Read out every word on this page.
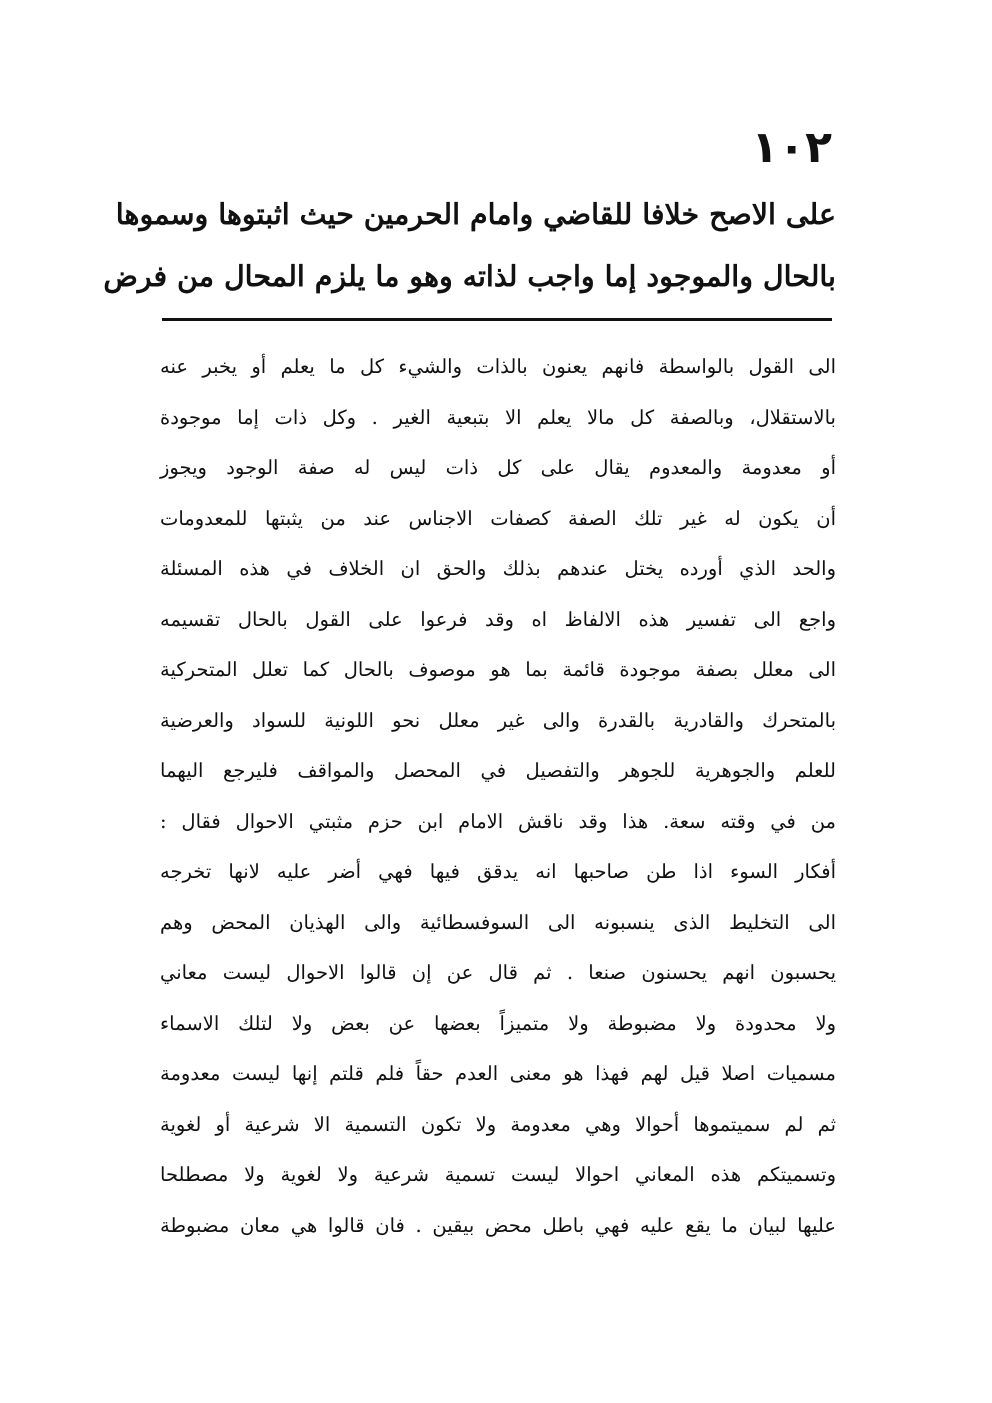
١٠٢
على الاصح خلافا للقاضي وامام الحرمين حيث اثبتوها وسموها
بالحال والموجود إما واجب لذاته وهو ما يلزم المحال من فرض
الى القول بالواسطة فانهم يعنون بالذات والشيء كل ما يعلم أو يخبر عنه
بالاستقلال، وبالصفة كل مالا يعلم الا بتبعية الغير . وكل ذات إما موجودة
أو معدومة والمعدوم يقال على كل ذات ليس له صفة الوجود ويجوز
أن يكون له غير تلك الصفة كصفات الاجناس عند من يثبتها للمعدومات
والحد الذي أورده يختل عندهم بذلك والحق ان الخلاف في هذه المسئلة
واجع الى تفسير هذه الالفاظ اه وقد فرعوا على القول بالحال تقسيمه
الى معلل بصفة موجودة قائمة بما هو موصوف بالحال كما تعلل المتحركية
بالمتحرك والقادرية بالقدرة والى غير معلل نحو اللونية للسواد والعرضية
للعلم والجوهرية للجوهر والتفصيل في المحصل والمواقف فليرجع اليهما
من في وقته سعة. هذا وقد ناقش الامام ابن حزم مثبتي الاحوال فقال :
أفكار السوء اذا طن صاحبها انه يدقق فيها فهي أضر عليه لانها تخرجه
الى التخليط الذى ينسبونه الى السوفسطائية والى الهذيان المحض وهم
يحسبون انهم يحسنون صنعا . ثم قال عن إن قالوا الاحوال ليست معاني
ولا محدودة ولا مضبوطة ولا متميزاً بعضها عن بعض ولا لتلك الاسماء
مسميات اصلا قيل لهم فهذا هو معنى العدم حقاً فلم قلتم إنها ليست معدومة
ثم لم سميتموها أحوالا وهي معدومة ولا تكون التسمية الا شرعية أو لغوية
وتسميتكم هذه المعاني احوالا ليست تسمية شرعية ولا لغوية ولا مصطلحا
عليها لبيان ما يقع عليه فهي باطل محض بيقين . فان قالوا هي معان مضبوطة
